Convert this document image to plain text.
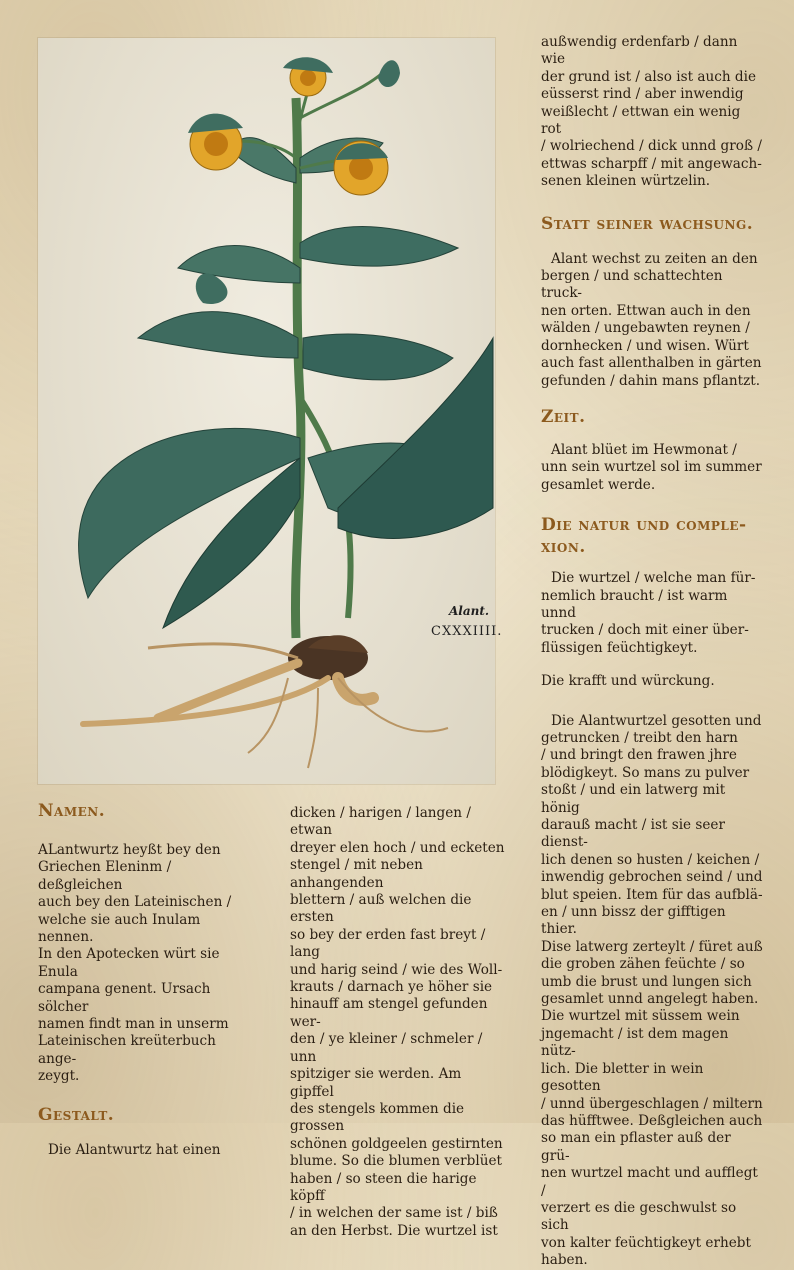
Alant.
CXXXIIII.
Namen.

ALantwurtz heyßt bey den
Griechen Eleninm / deßgleichen
auch bey den Lateinischen /
welche sie auch Inulam nennen.
In den Apotecken würt sie Enula
campana genent. Ursach sölcher
namen findt man in unserm
Lateinischen kreüterbuch ange-
zeygt.

Gestalt.

Die Alantwurtz hat einen

dicken / harigen / langen / etwan
dreyer elen hoch / und ecketen
stengel / mit neben anhangenden
blettern / auß welchen die ersten
so bey der erden fast breyt / lang
und harig seind / wie des Woll-
krauts / darnach ye höher sie
hinauff am stengel gefunden wer-
den / ye kleiner / schmeler / unn
spitziger sie werden. Am gipffel
des stengels kommen die grossen
schönen goldgeelen gestirnten
blume. So die blumen verblüet
haben / so steen die harige köpff
/ in welchen der same ist / biß
an den Herbst. Die wurtzel ist

außwendig erdenfarb / dann wie
der grund ist / also ist auch die
eüsserst rind / aber inwendig
weißlecht / ettwan ein wenig rot
/ wolriechend / dick unnd groß /
ettwas scharpff / mit angewach-
senen kleinen würtzelin.

Statt seiner wachsung.

Alant wechst zu zeiten an den
bergen / und schattechten truck-
nen orten. Ettwan auch in den
wälden / ungebawten reynen /
dornhecken / und wisen. Würt
auch fast allenthalben in gärten
gefunden / dahin mans pflantzt.

Zeit.

Alant blüet im Hewmonat /
unn sein wurtzel sol im summer
gesamlet werde.

Die natur und comple-
xion.

Die wurtzel / welche man für-
nemlich braucht / ist warm unnd
trucken / doch mit einer über-
flüssigen feüchtigkeyt.

Die krafft und würckung.

Die Alantwurtzel gesotten und
getruncken / treibt den harn
/ und bringt den frawen jhre
blödigkeyt. So mans zu pulver
stoßt / und ein latwerg mit hönig
darauß macht / ist sie seer dienst-
lich denen so husten / keichen /
inwendig gebrochen seind / und
blut speien. Item für das aufblä-
en / unn bissz der gifftigen thier.
Dise latwerg zerteylt / füret auß
die groben zähen feüchte / so
umb die brust und lungen sich
gesamlet unnd angelegt haben.
Die wurtzel mit süssem wein
jngemacht / ist dem magen nütz-
lich. Die bletter in wein gesotten
/ unnd übergeschlagen / miltern
das hüfftwee. Deßgleichen auch
so man ein pflaster auß der grü-
nen wurtzel macht und aufflegt /
verzert es die geschwulst so sich
von kalter feüchtigkeyt erhebt
haben.
